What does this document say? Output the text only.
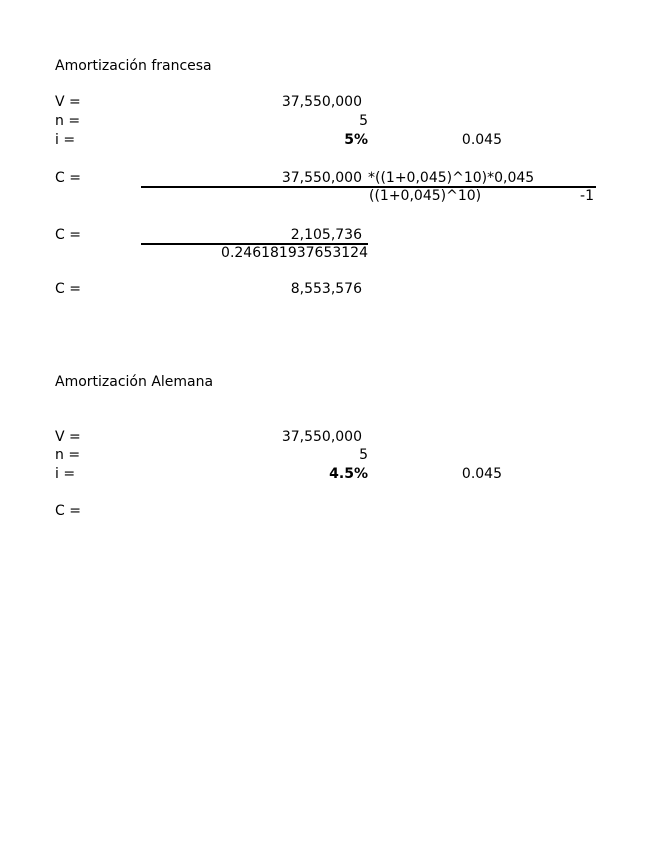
Amortización francesa
V =	37,550,000
n =	5
i =	5%	0.045
C =	37,550,000 *((1+0,045)^10)*0,045
((1+0,045)^10)	-1
C =	2,105,736
0.246181937653124
C =	8,553,576
Amortización Alemana
V =	37,550,000
n =	5
i =	4.5%	0.045
C =
